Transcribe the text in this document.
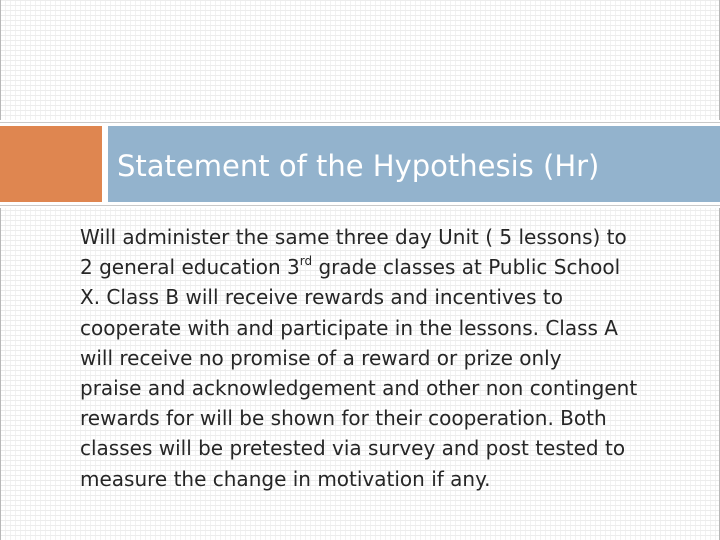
Statement of the Hypothesis (Hr)
Will administer the same three day Unit ( 5 lessons) to
2 general education 3rd grade classes at Public School
X. Class B will receive rewards and incentives to
cooperate with and participate in the lessons. Class A
will receive no promise of a reward or prize only
praise and acknowledgement and other non contingent
rewards for will be shown for their cooperation. Both
classes will be pretested via survey and post tested to
measure the change in motivation if any.
